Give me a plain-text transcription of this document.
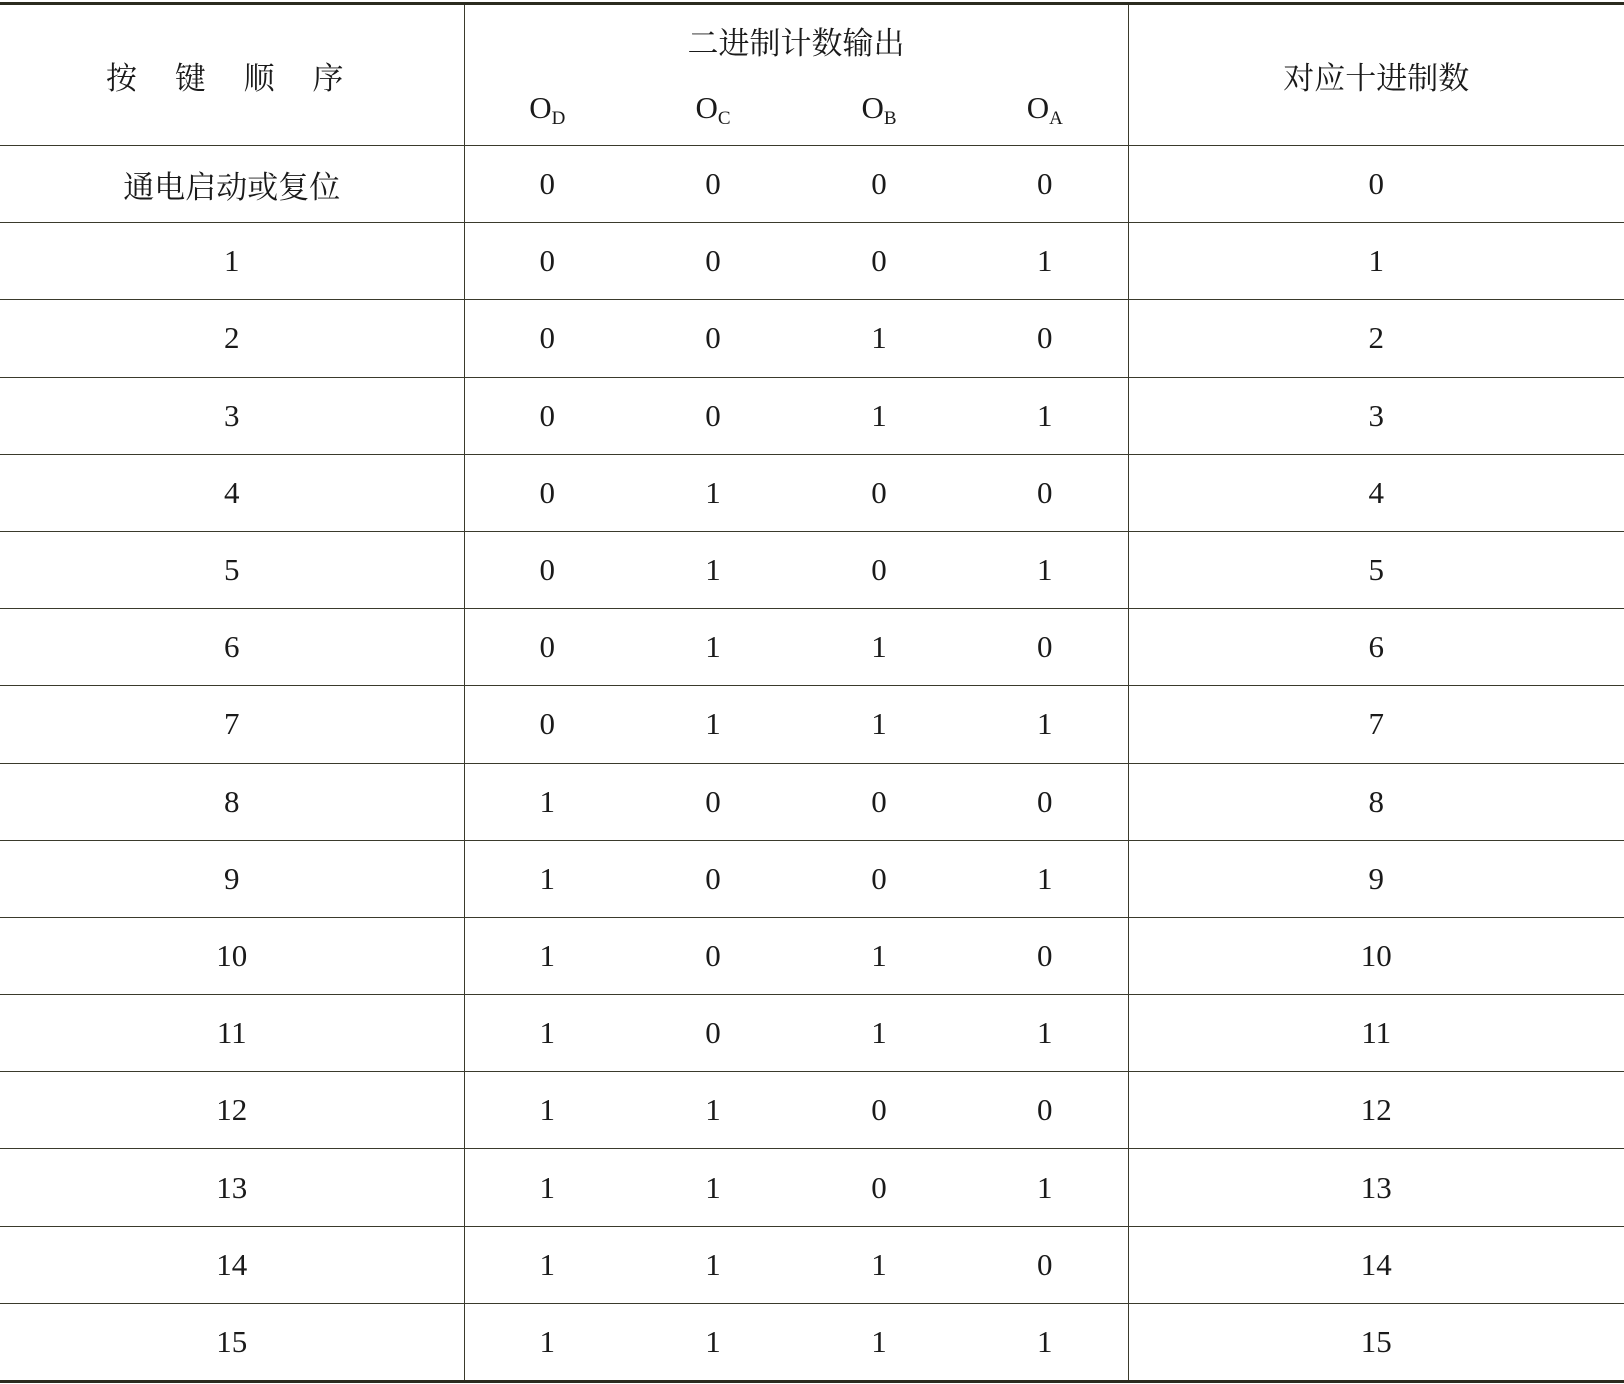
按 键 顺 序	二进制计数输出				对应十进制数
	$O_D$	$O_C$	$O_B$	$O_A$
通电启动或复位	0	0	0	0	0
1	0	0	0	1	1
2	0	0	1	0	2
3	0	0	1	1	3
4	0	1	0	0	4
5	0	1	0	1	5
6	0	1	1	0	6
7	0	1	1	1	7
8	1	0	0	0	8
9	1	0	0	1	9
10	1	0	1	0	10
11	1	0	1	1	11
12	1	1	0	0	12
13	1	1	0	1	13
14	1	1	1	0	14
15	1	1	1	1	15
